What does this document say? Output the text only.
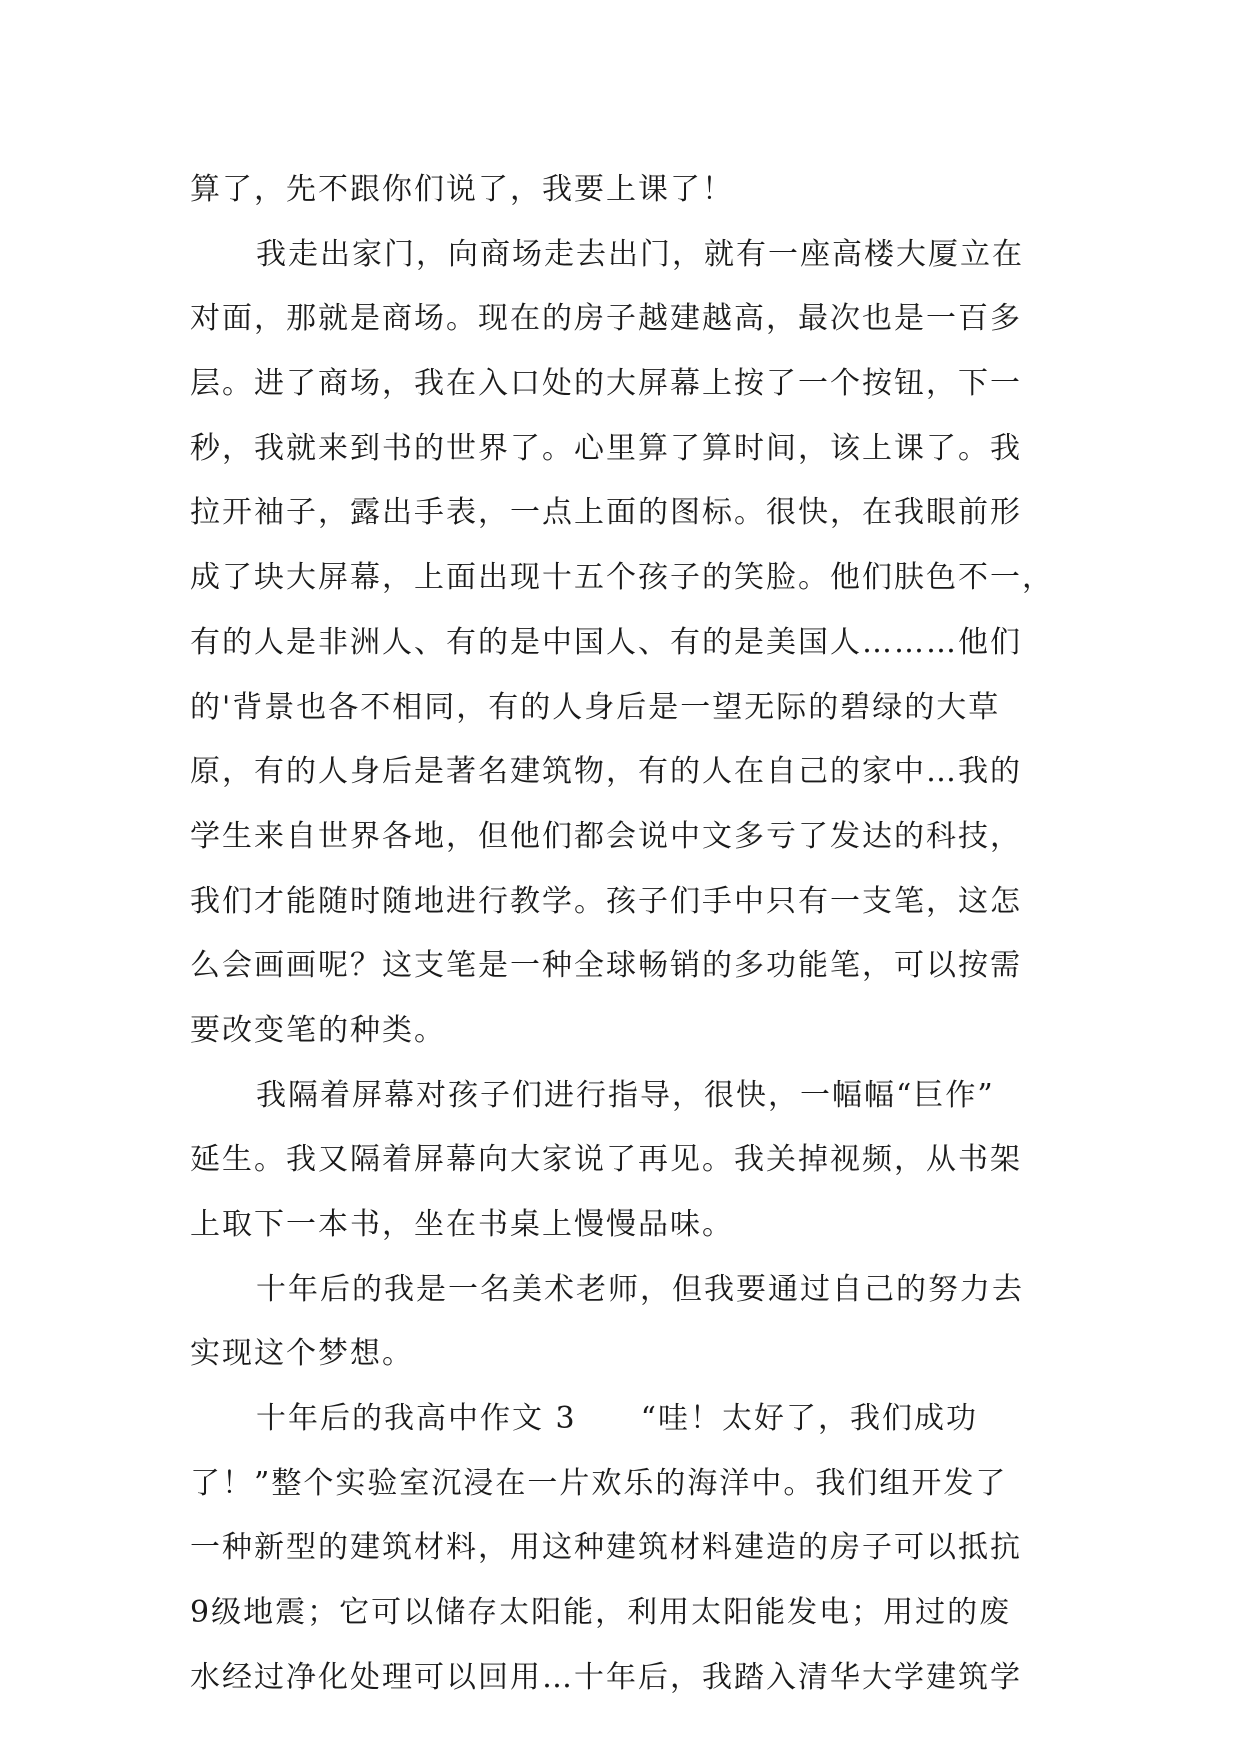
算了，先不跟你们说了，我要上课了！
我走出家门，向商场走去出门，就有一座高楼大厦立在
对面，那就是商场。现在的房子越建越高，最次也是一百多
层。进了商场，我在入口处的大屏幕上按了一个按钮，下一
秒，我就来到书的世界了。心里算了算时间，该上课了。我
拉开袖子，露出手表，一点上面的图标。很快，在我眼前形
成了块大屏幕，上面出现十五个孩子的笑脸。他们肤色不一，
有的人是非洲人、有的是中国人、有的是美国人………他们
的'背景也各不相同，有的人身后是一望无际的碧绿的大草
原，有的人身后是著名建筑物，有的人在自己的家中…我的
学生来自世界各地，但他们都会说中文多亏了发达的科技，
我们才能随时随地进行教学。孩子们手中只有一支笔，这怎
么会画画呢？这支笔是一种全球畅销的多功能笔，可以按需
要改变笔的种类。
我隔着屏幕对孩子们进行指导，很快，一幅幅“巨作”
延生。我又隔着屏幕向大家说了再见。我关掉视频，从书架
上取下一本书，坐在书桌上慢慢品味。
十年后的我是一名美术老师，但我要通过自己的努力去
实现这个梦想。
十年后的我高中作文 3　　“哇！太好了，我们成功
了！”整个实验室沉浸在一片欢乐的海洋中。我们组开发了
一种新型的建筑材料，用这种建筑材料建造的房子可以抵抗
9级地震；它可以储存太阳能，利用太阳能发电；用过的废
水经过净化处理可以回用…十年后，我踏入清华大学建筑学
